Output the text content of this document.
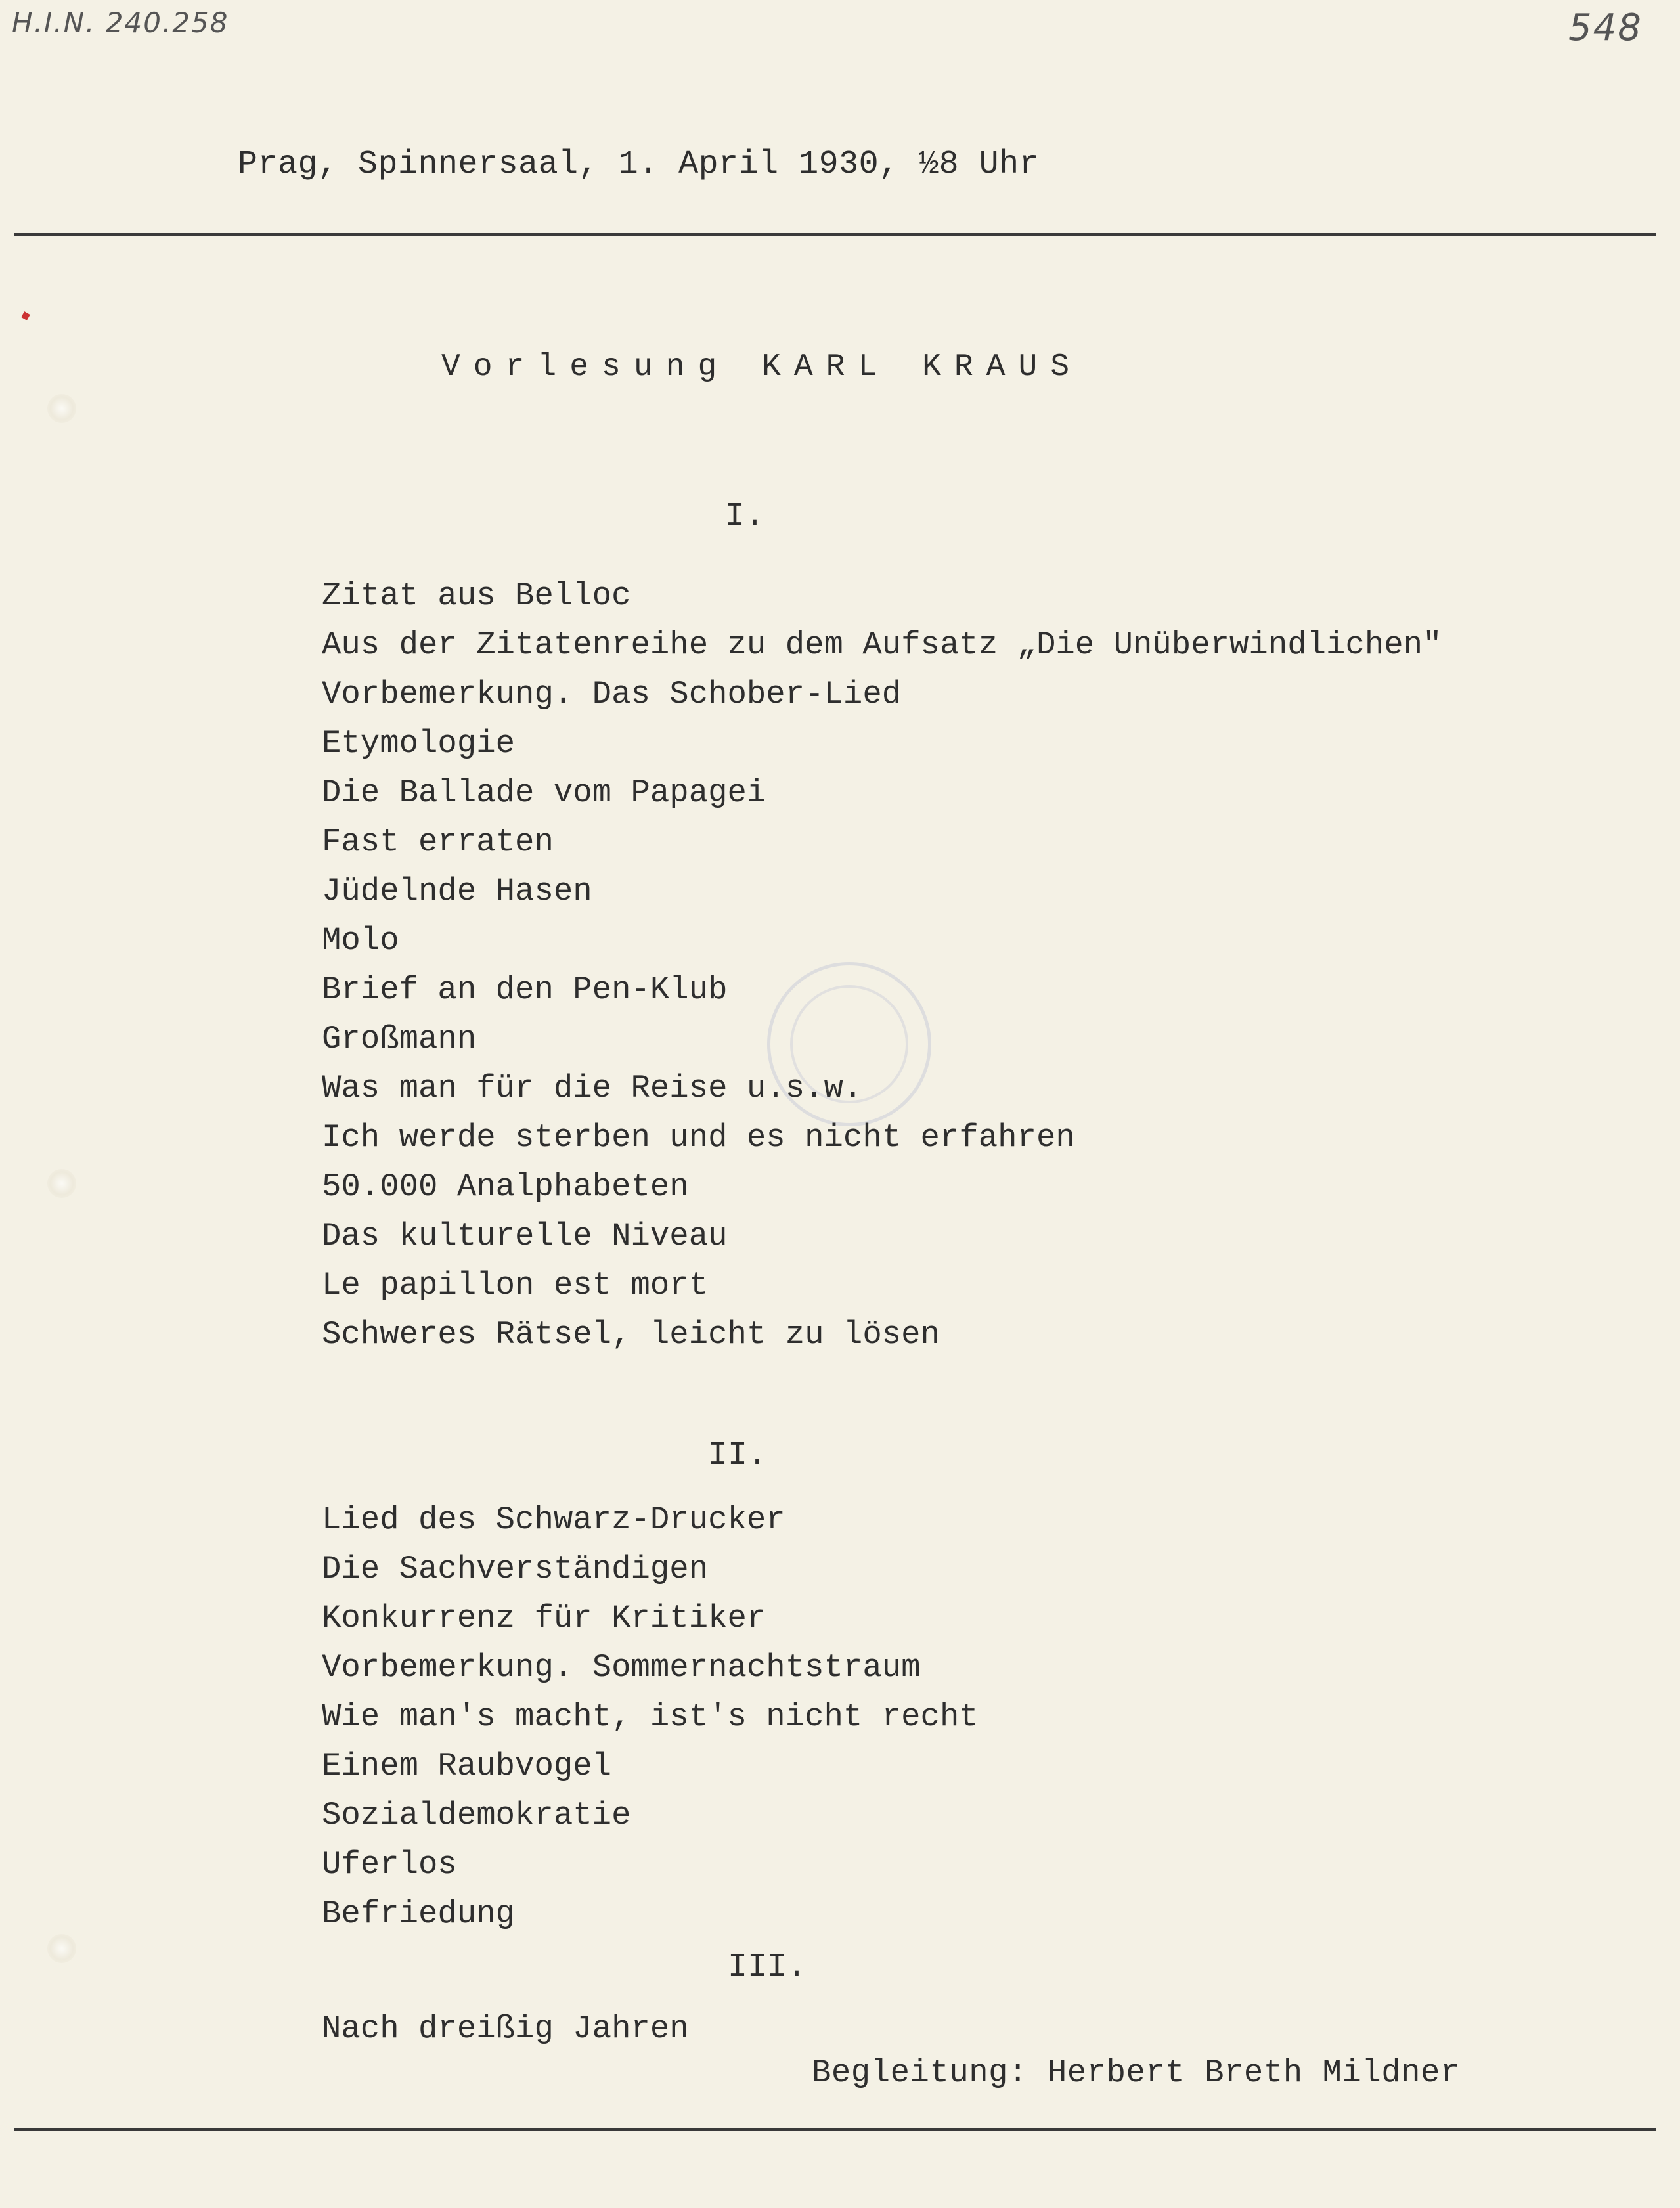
H.I.N. 240.258	548
Prag, Spinnersaal, 1. April 1930, ½8 Uhr
Vorlesung KARL KRAUS
I.
Zitat aus Belloc
Aus der Zitatenreihe zu dem Aufsatz „Die Unüberwindlichen"
Vorbemerkung. Das Schober-Lied
Etymologie
Die Ballade vom Papagei
Fast erraten
Jüdelnde Hasen
Molo
Brief an den Pen-Klub
Großmann
Was man für die Reise u.s.w.
Ich werde sterben und es nicht erfahren
50.000 Analphabeten
Das kulturelle Niveau
Le papillon est mort
Schweres Rätsel, leicht zu lösen
II.
Lied des Schwarz-Drucker
Die Sachverständigen
Konkurrenz für Kritiker
Vorbemerkung. Sommernachtstraum
Wie man's macht, ist's nicht recht
Einem Raubvogel
Sozialdemokratie
Uferlos
Befriedung
III.
Nach dreißig Jahren
Begleitung: Herbert Breth Mildner
